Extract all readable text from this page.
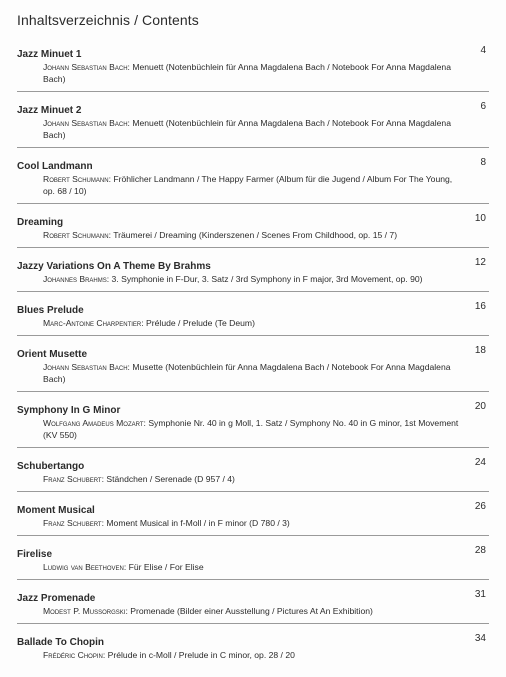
Inhaltsverzeichnis / Contents
4
Jazz Minuet 1
Johann Sebastian Bach: Menuett (Notenbüchlein für Anna Magdalena Bach / Notebook For Anna Magdalena Bach)
6
Jazz Minuet 2
Johann Sebastian Bach: Menuett (Notenbüchlein für Anna Magdalena Bach / Notebook For Anna Magdalena Bach)
8
Cool Landmann
Robert Schumann: Fröhlicher Landmann / The Happy Farmer (Album für die Jugend / Album For The Young, op. 68 / 10)
10
Dreaming
Robert Schumann: Träumerei / Dreaming (Kinderszenen / Scenes From Childhood, op. 15 / 7)
12
Jazzy Variations On A Theme By Brahms
Johannes Brahms: 3. Symphonie in F-Dur, 3. Satz / 3rd Symphony in F major, 3rd Movement, op. 90)
16
Blues Prelude
Marc-Antoine Charpentier: Prélude / Prelude (Te Deum)
18
Orient Musette
Johann Sebastian Bach: Musette (Notenbüchlein für Anna Magdalena Bach / Notebook For Anna Magdalena Bach)
20
Symphony In G Minor
Wolfgang Amadeus Mozart: Symphonie Nr. 40 in g Moll, 1. Satz / Symphony No. 40 in G minor, 1st Movement (KV 550)
24
Schubertango
Franz Schubert: Ständchen / Serenade (D 957 / 4)
26
Moment Musical
Franz Schubert: Moment Musical in f-Moll / in F minor (D 780 / 3)
28
Firelise
Ludwig van Beethoven: Für Elise / For Elise
31
Jazz Promenade
Modest P. Mussorgski: Promenade (Bilder einer Ausstellung / Pictures At An Exhibition)
34
Ballade To Chopin
Frédéric Chopin: Prélude in c-Moll / Prelude in C minor, op. 28 / 20
